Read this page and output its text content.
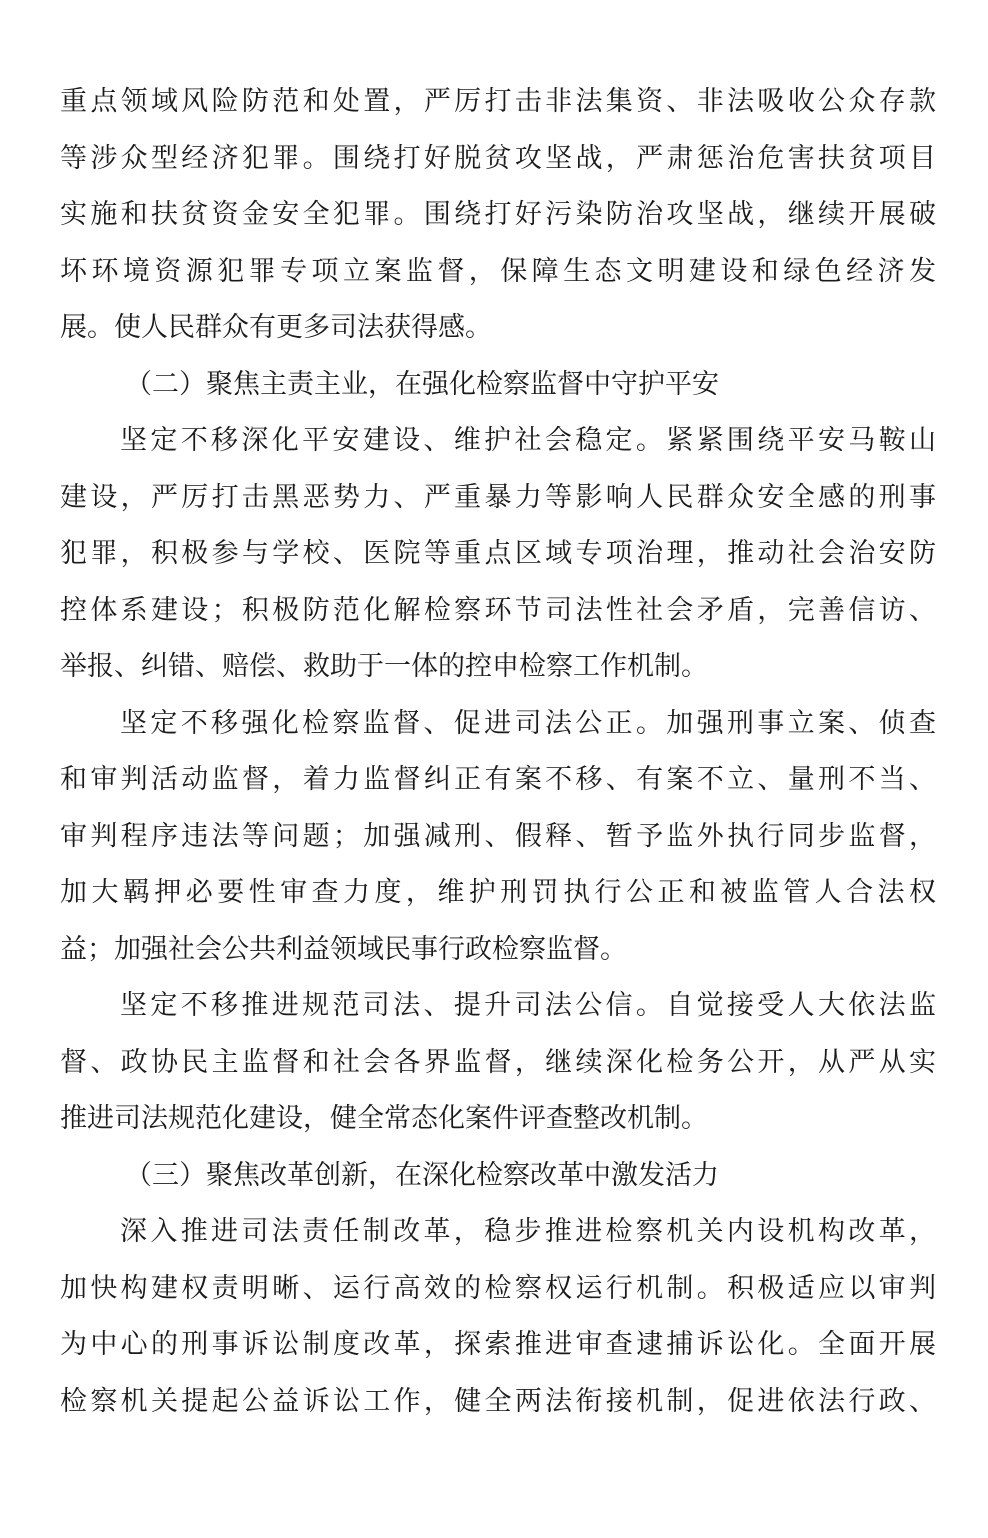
重点领域风险防范和处置，严厉打击非法集资、非法吸收公众存款
等涉众型经济犯罪。围绕打好脱贫攻坚战，严肃惩治危害扶贫项目
实施和扶贫资金安全犯罪。围绕打好污染防治攻坚战，继续开展破
坏环境资源犯罪专项立案监督，保障生态文明建设和绿色经济发
展。使人民群众有更多司法获得感。
（二）聚焦主责主业，在强化检察监督中守护平安
坚定不移深化平安建设、维护社会稳定。紧紧围绕平安马鞍山
建设，严厉打击黑恶势力、严重暴力等影响人民群众安全感的刑事
犯罪，积极参与学校、医院等重点区域专项治理，推动社会治安防
控体系建设；积极防范化解检察环节司法性社会矛盾，完善信访、
举报、纠错、赔偿、救助于一体的控申检察工作机制。
坚定不移强化检察监督、促进司法公正。加强刑事立案、侦查
和审判活动监督，着力监督纠正有案不移、有案不立、量刑不当、
审判程序违法等问题；加强减刑、假释、暂予监外执行同步监督，
加大羁押必要性审查力度，维护刑罚执行公正和被监管人合法权
益；加强社会公共利益领域民事行政检察监督。
坚定不移推进规范司法、提升司法公信。自觉接受人大依法监
督、政协民主监督和社会各界监督，继续深化检务公开，从严从实
推进司法规范化建设，健全常态化案件评查整改机制。
（三）聚焦改革创新，在深化检察改革中激发活力
深入推进司法责任制改革，稳步推进检察机关内设机构改革，
加快构建权责明晰、运行高效的检察权运行机制。积极适应以审判
为中心的刑事诉讼制度改革，探索推进审查逮捕诉讼化。全面开展
检察机关提起公益诉讼工作，健全两法衔接机制，促进依法行政、
